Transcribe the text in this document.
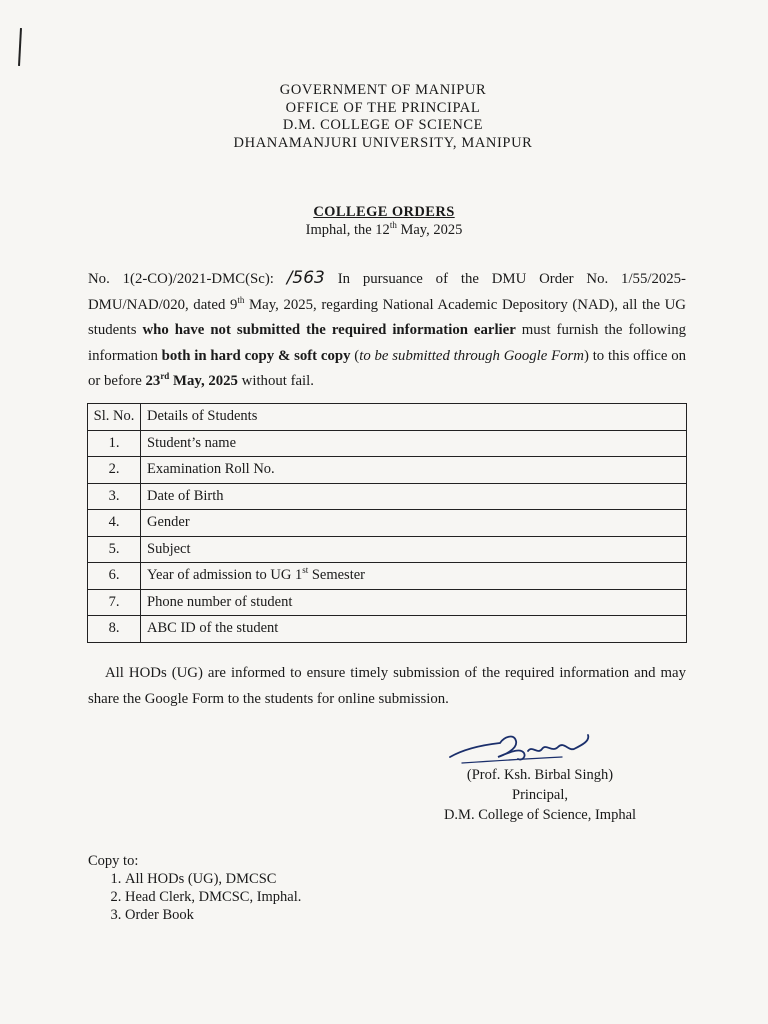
GOVERNMENT OF MANIPUR
OFFICE OF THE PRINCIPAL
D.M. COLLEGE OF SCIENCE
DHANAMANJURI UNIVERSITY, MANIPUR
COLLEGE ORDERS
Imphal, the 12th May, 2025
No. 1(2-CO)/2021-DMC(Sc): /563 In pursuance of the DMU Order No. 1/55/2025-DMU/NAD/020, dated 9th May, 2025, regarding National Academic Depository (NAD), all the UG students who have not submitted the required information earlier must furnish the following information both in hard copy & soft copy (to be submitted through Google Form) to this office on or before 23rd May, 2025 without fail.
Sl. No.	Details of Students
1.	Student’s name
2.	Examination Roll No.
3.	Date of Birth
4.	Gender
5.	Subject
6.	Year of admission to UG 1st Semester
7.	Phone number of student
8.	ABC ID of the student
All HODs (UG) are informed to ensure timely submission of the required information and may share the Google Form to the students for online submission.
(Prof. Ksh. Birbal Singh)
Principal,
D.M. College of Science, Imphal
Copy to:
1. All HODs (UG), DMCSC
2. Head Clerk, DMCSC, Imphal.
3. Order Book
